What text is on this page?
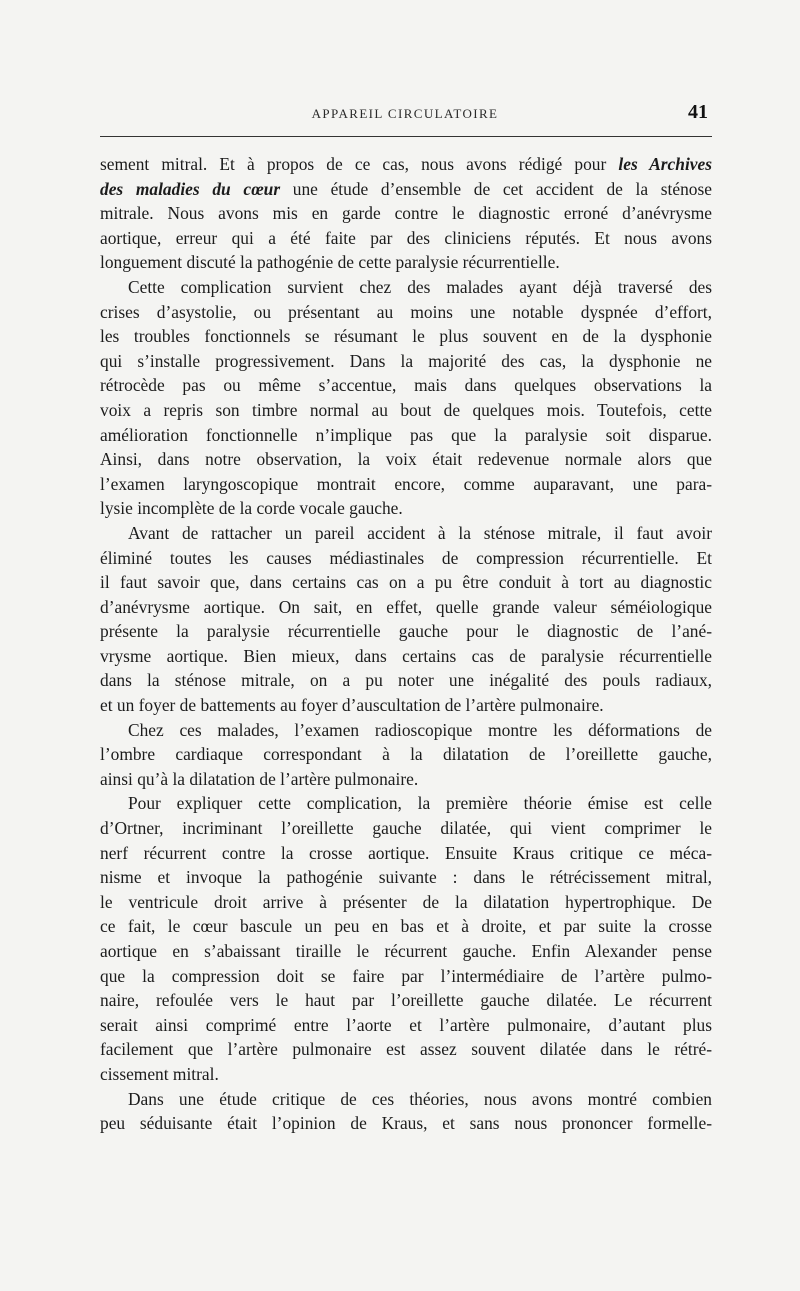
APPAREIL CIRCULATOIRE	41
sement mitral. Et à propos de ce cas, nous avons rédigé pour les Archives
des maladies du cœur une étude d’ensemble de cet accident de la sténose
mitrale. Nous avons mis en garde contre le diagnostic erroné d’anévrysme
aortique, erreur qui a été faite par des cliniciens réputés. Et nous avons
longuement discuté la pathogénie de cette paralysie récurrentielle.
Cette complication survient chez des malades ayant déjà traversé des
crises d’asystolie, ou présentant au moins une notable dyspnée d’effort,
les troubles fonctionnels se résumant le plus souvent en de la dysphonie
qui s’installe progressivement. Dans la majorité des cas, la dysphonie ne
rétrocède pas ou même s’accentue, mais dans quelques observations la
voix a repris son timbre normal au bout de quelques mois. Toutefois, cette
amélioration fonctionnelle n’implique pas que la paralysie soit disparue.
Ainsi, dans notre observation, la voix était redevenue normale alors que
l’examen laryngoscopique montrait encore, comme auparavant, une para-
lysie incomplète de la corde vocale gauche.
Avant de rattacher un pareil accident à la sténose mitrale, il faut avoir
éliminé toutes les causes médiastinales de compression récurrentielle. Et
il faut savoir que, dans certains cas on a pu être conduit à tort au diagnostic
d’anévrysme aortique. On sait, en effet, quelle grande valeur séméiologique
présente la paralysie récurrentielle gauche pour le diagnostic de l’ané-
vrysme aortique. Bien mieux, dans certains cas de paralysie récurrentielle
dans la sténose mitrale, on a pu noter une inégalité des pouls radiaux,
et un foyer de battements au foyer d’auscultation de l’artère pulmonaire.
Chez ces malades, l’examen radioscopique montre les déformations de
l’ombre cardiaque correspondant à la dilatation de l’oreillette gauche,
ainsi qu’à la dilatation de l’artère pulmonaire.
Pour expliquer cette complication, la première théorie émise est celle
d’Ortner, incriminant l’oreillette gauche dilatée, qui vient comprimer le
nerf récurrent contre la crosse aortique. Ensuite Kraus critique ce méca-
nisme et invoque la pathogénie suivante : dans le rétrécissement mitral,
le ventricule droit arrive à présenter de la dilatation hypertrophique. De
ce fait, le cœur bascule un peu en bas et à droite, et par suite la crosse
aortique en s’abaissant tiraille le récurrent gauche. Enfin Alexander pense
que la compression doit se faire par l’intermédiaire de l’artère pulmo-
naire, refoulée vers le haut par l’oreillette gauche dilatée. Le récurrent
serait ainsi comprimé entre l’aorte et l’artère pulmonaire, d’autant plus
facilement que l’artère pulmonaire est assez souvent dilatée dans le rétré-
cissement mitral.
Dans une étude critique de ces théories, nous avons montré combien
peu séduisante était l’opinion de Kraus, et sans nous prononcer formelle-
